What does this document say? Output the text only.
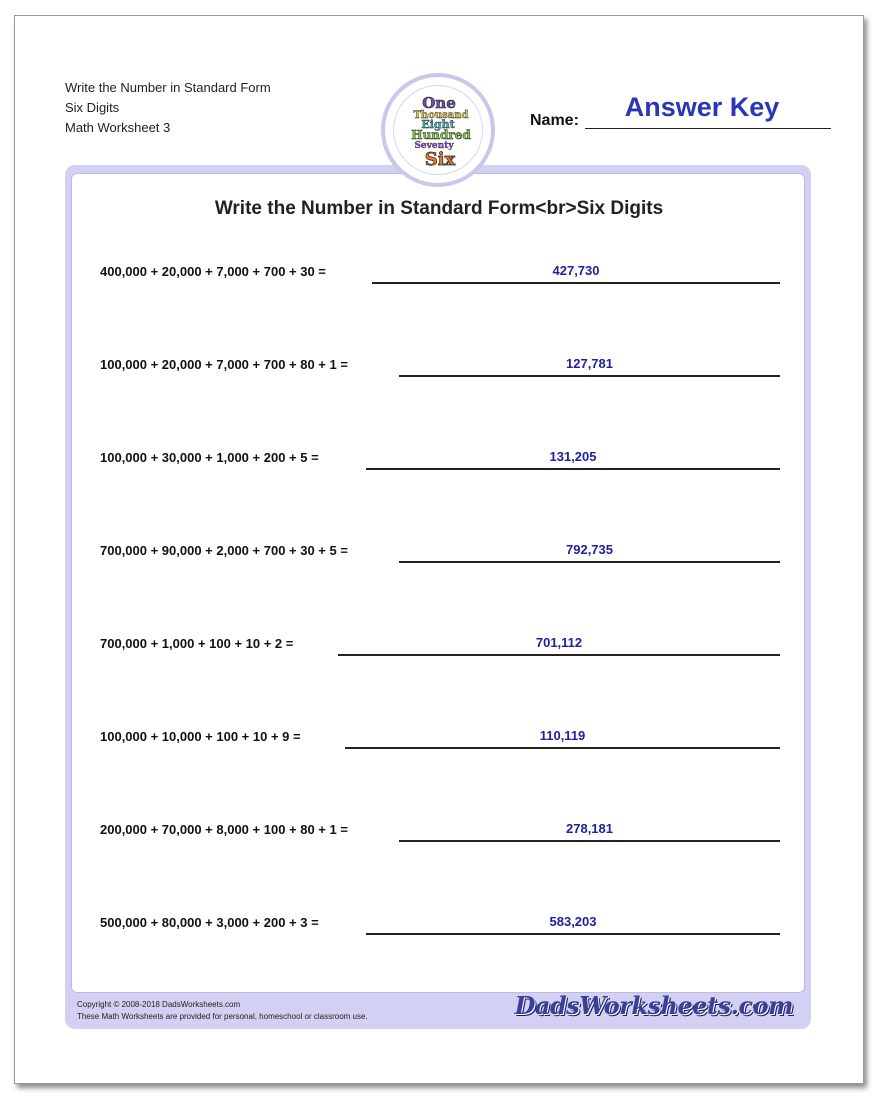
Write the Number in Standard Form
Six Digits
Math Worksheet 3
One
Thousand
Eight
Hundred
Seventy
Six
Answer Key
Name:
Write the Number in Standard Form<br>Six Digits
400,000 + 20,000 + 7,000 + 700 + 30 =	427,730
100,000 + 20,000 + 7,000 + 700 + 80 + 1 =	127,781
100,000 + 30,000 + 1,000 + 200 + 5 =	131,205
700,000 + 90,000 + 2,000 + 700 + 30 + 5 =	792,735
700,000 + 1,000 + 100 + 10 + 2 =	701,112
100,000 + 10,000 + 100 + 10 + 9 =	110,119
200,000 + 70,000 + 8,000 + 100 + 80 + 1 =	278,181
500,000 + 80,000 + 3,000 + 200 + 3 =	583,203
Copyright © 2008-2018 DadsWorksheets.com
These Math Worksheets are provided for personal, homeschool or classroom use.	DadsWorksheets.com
